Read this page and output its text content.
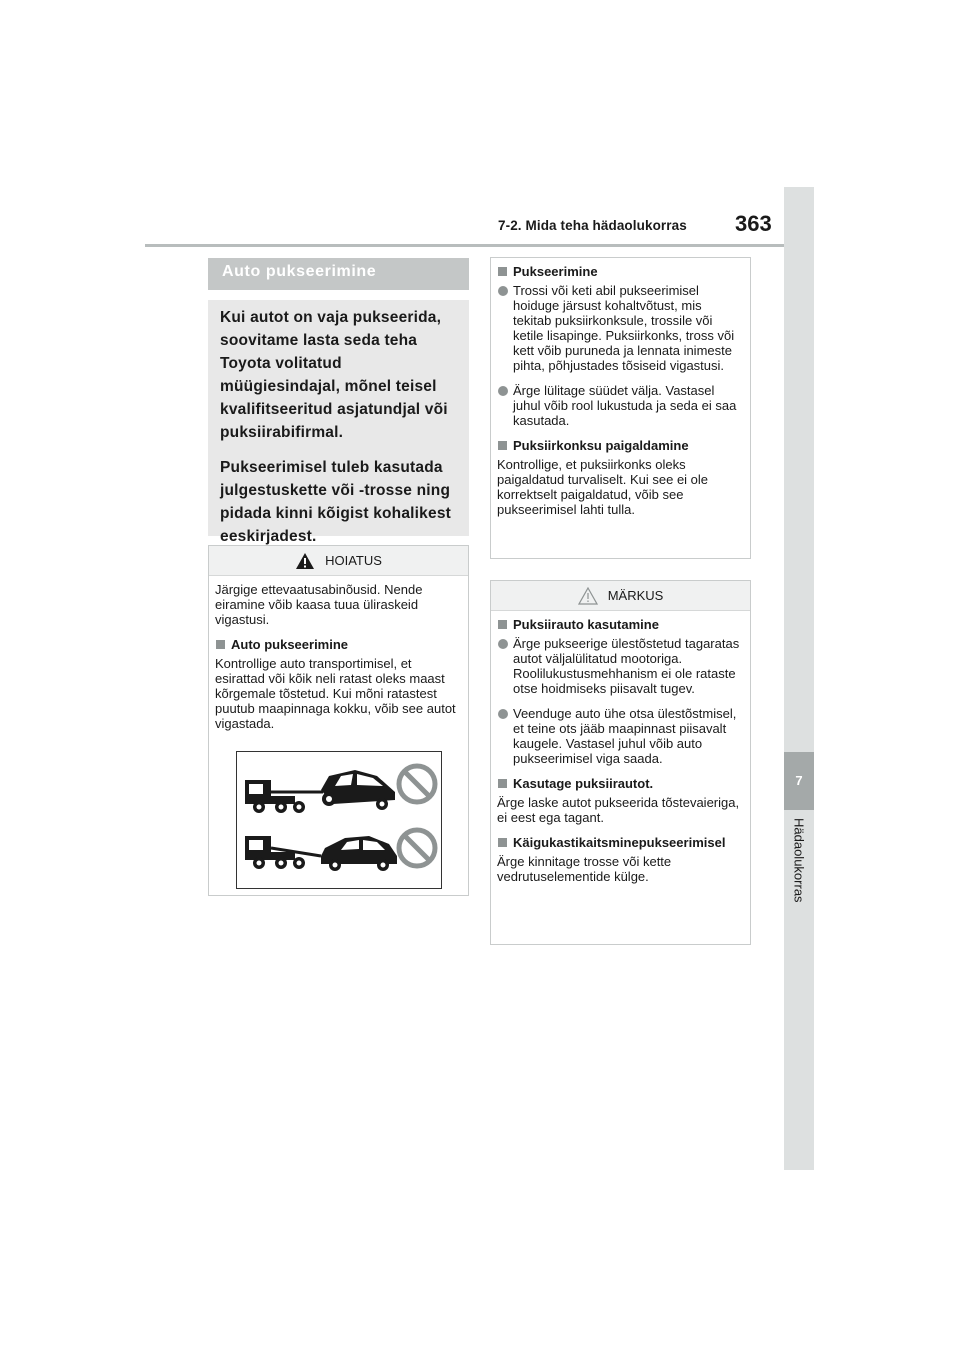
7-2. Mida teha hädaolukorras 363
7
Hädaolukorras
Auto pukseerimine

Kui autot on vaja pukseerida, soovitame lasta seda teha Toyota volitatud müügiesindajal, mõnel teisel kvalifitseeritud asjatundjal või puksiirabifirmal.

Pukseerimisel tuleb kasutada julgestuskette või -trosse ning pidada kinni kõigist kohalikest eeskirjadest.

HOIATUS

Järgige ettevaatusabinõusid. Nende eiramine võib kaasa tuua üliraskeid vigastusi.

Auto pukseerimine

Kontrollige auto transportimisel, et esirattad või kõik neli ratast oleks maast kõrgemale tõstetud. Kui mõni ratastest puutub maapinnaga kokku, võib see autot vigastada.

Pukseerimine

Trossi või keti abil pukseerimisel hoiduge järsust kohaltvõtust, mis tekitab puksiirkonksule, trossile või ketile lisapinge. Puksiirkonks, tross või kett võib puruneda ja lennata inimeste pihta, põhjustades tõsiseid vigastusi.

Ärge lülitage süüdet välja. Vastasel juhul võib rool lukustuda ja seda ei saa kasutada.

Puksiirkonksu paigaldamine

Kontrollige, et puksiirkonks oleks paigaldatud turvaliselt. Kui see ei ole korrektselt paigaldatud, võib see pukseerimisel lahti tulla.

MÄRKUS

Puksiirauto kasutamine

Ärge pukseerige ülestõstetud tagaratas autot väljalülitatud mootoriga. Roolilukustusmehhanism ei ole rataste otse hoidmiseks piisavalt tugev.

Veenduge auto ühe otsa ülestõstmisel, et teine ots jääb maapinnast piisavalt kaugele. Vastasel juhul võib auto pukseerimisel viga saada.

Kasutage puksiirautot.

Ärge laske autot pukseerida tõstevaieriga, ei eest ega tagant.

Käigukastikaitsminepukseerimisel

Ärge kinnitage trosse või kette vedrutuselementide külge.
